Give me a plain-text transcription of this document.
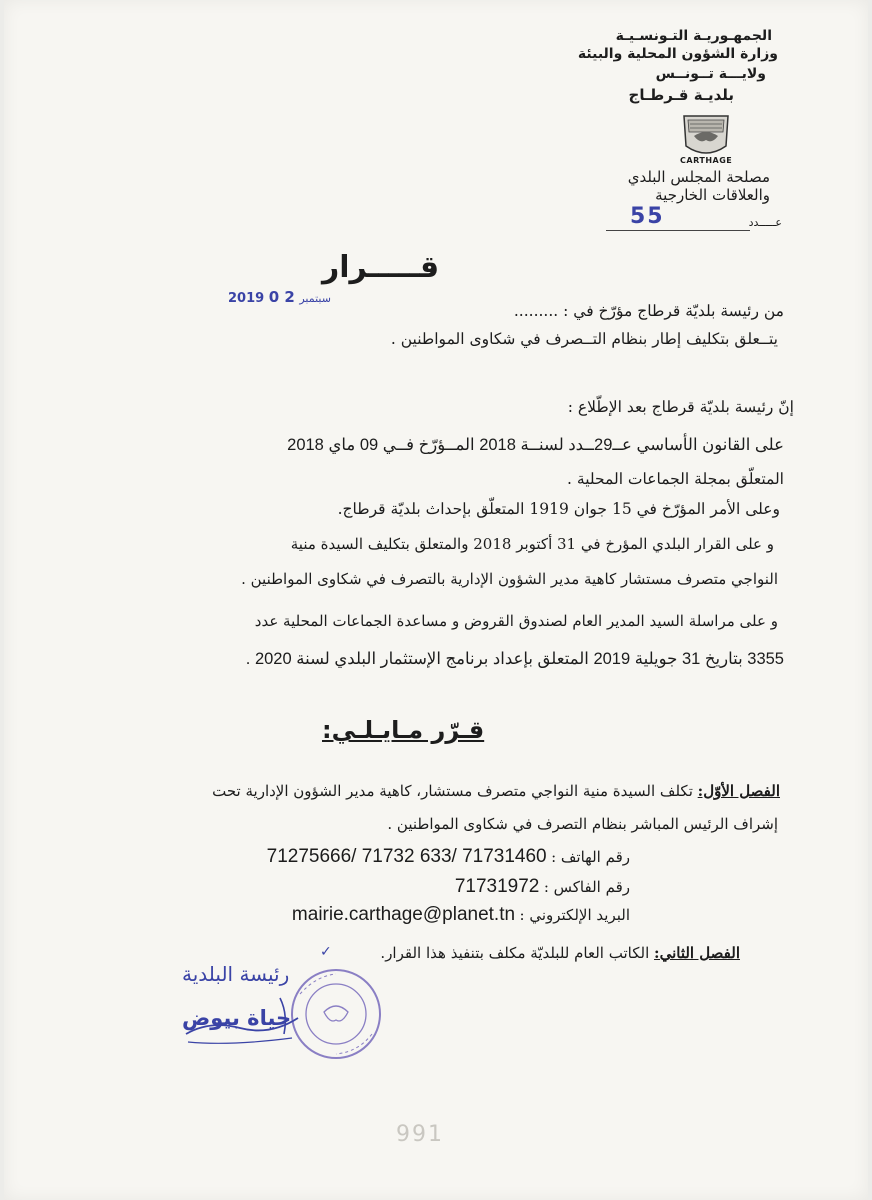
الجمهـوريـة التـونسـيـة
وزارة الشؤون المحلية والبيئة
ولايـــة تــونــس
بلديـة قـرطـاج
CARTHAGE
مصلحة المجلس البلدي
والعلاقات الخارجية
55	عـــــدد
قـــــرار
2019	سبتمبر 2 0
من رئيسة بلديّة قرطاج مؤرّخ في : .........
يتــعلق بتكليف إطار بنظام التــصرف في شكاوى المواطنين .
إنّ رئيسة بلديّة قرطاج بعد الإطّلاع :
على القانون الأساسي عــ29ــدد لسنــة 2018 المــؤرّخ فــي 09 ماي 2018
المتعلّق بمجلة الجماعات المحلية .
وعلى الأمر المؤرّخ في 15 جوان 1919 المتعلّق بإحداث بلديّة قرطاج.
و على القرار البلدي المؤرخ في 31 أكتوبر 2018 والمتعلق بتكليف السيدة منية
النواجي متصرف مستشار كاهية مدير الشؤون الإدارية بالتصرف في شكاوى المواطنين .
و على مراسلة السيد المدير العام لصندوق القروض و مساعدة الجماعات المحلية عدد
3355 بتاريخ 31 جويلية 2019 المتعلق بإعداد برنامج الإستثمار البلدي لسنة 2020 .
قـرّر مـايـلـي:
الفصل الأوّل: تكلف السيدة منية النواجي متصرف مستشار، كاهية مدير الشؤون الإدارية تحت
إشراف الرئيس المباشر بنظام التصرف في شكاوى المواطنين .
رقم الهاتف : 71275666/ 71732 633/ 71731460
رقم الفاكس : 71731972
البريد الإلكتروني : mairie.carthage@planet.tn
الفصل الثاني: الكاتب العام للبلديّة مكلف بتنفيذ هذا القرار.
✓
رئيسة البلدية
حياة بيوض
991
